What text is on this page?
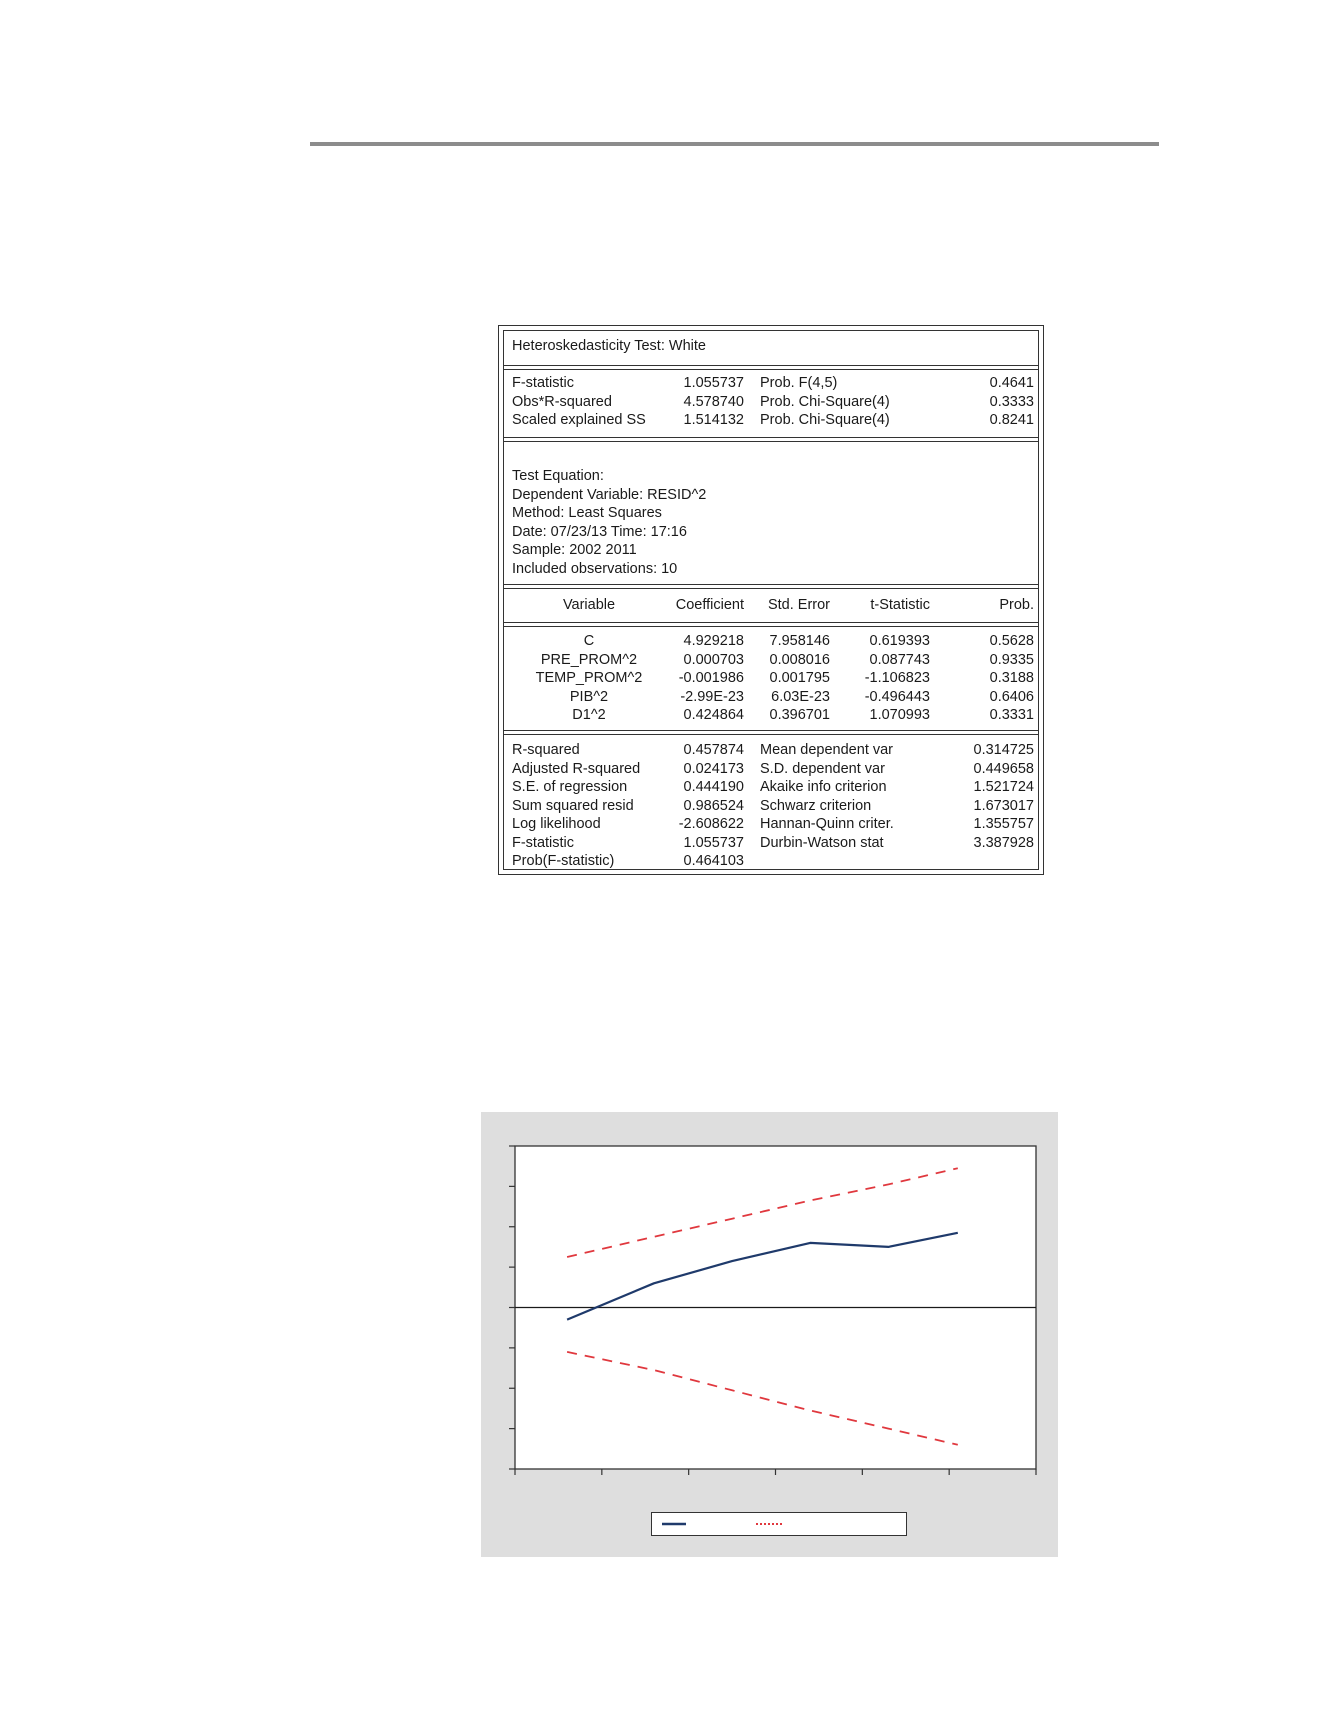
Heteroskedasticity Test: White
F-statistic	1.055737 Prob. F(4,5)	0.4641
Obs*R-squared	4.578740 Prob. Chi-Square(4)	0.3333
Scaled explained SS	1.514132 Prob. Chi-Square(4)	0.8241
Test Equation:
Dependent Variable: RESID^2
Method: Least Squares
Date: 07/23/13 Time: 17:16
Sample: 2002 2011
Included observations: 10
Variable	Coefficient	Std. Error	t-Statistic	Prob.
C	4.929218	7.958146	0.619393	0.5628
PRE_PROM^2	0.000703	0.008016	0.087743	0.9335
TEMP_PROM^2	-0.001986	0.001795	-1.106823	0.3188
PIB^2	-2.99E-23	6.03E-23	-0.496443	0.6406
D1^2	0.424864	0.396701	1.070993	0.3331
R-squared	0.457874 Mean dependent var	0.314725
Adjusted R-squared	0.024173 S.D. dependent var	0.449658
S.E. of regression	0.444190 Akaike info criterion	1.521724
Sum squared resid	0.986524 Schwarz criterion	1.673017
Log likelihood	-2.608622 Hannan-Quinn criter.	1.355757
F-statistic	1.055737 Durbin-Watson stat	3.387928
Prob(F-statistic)	0.464103
